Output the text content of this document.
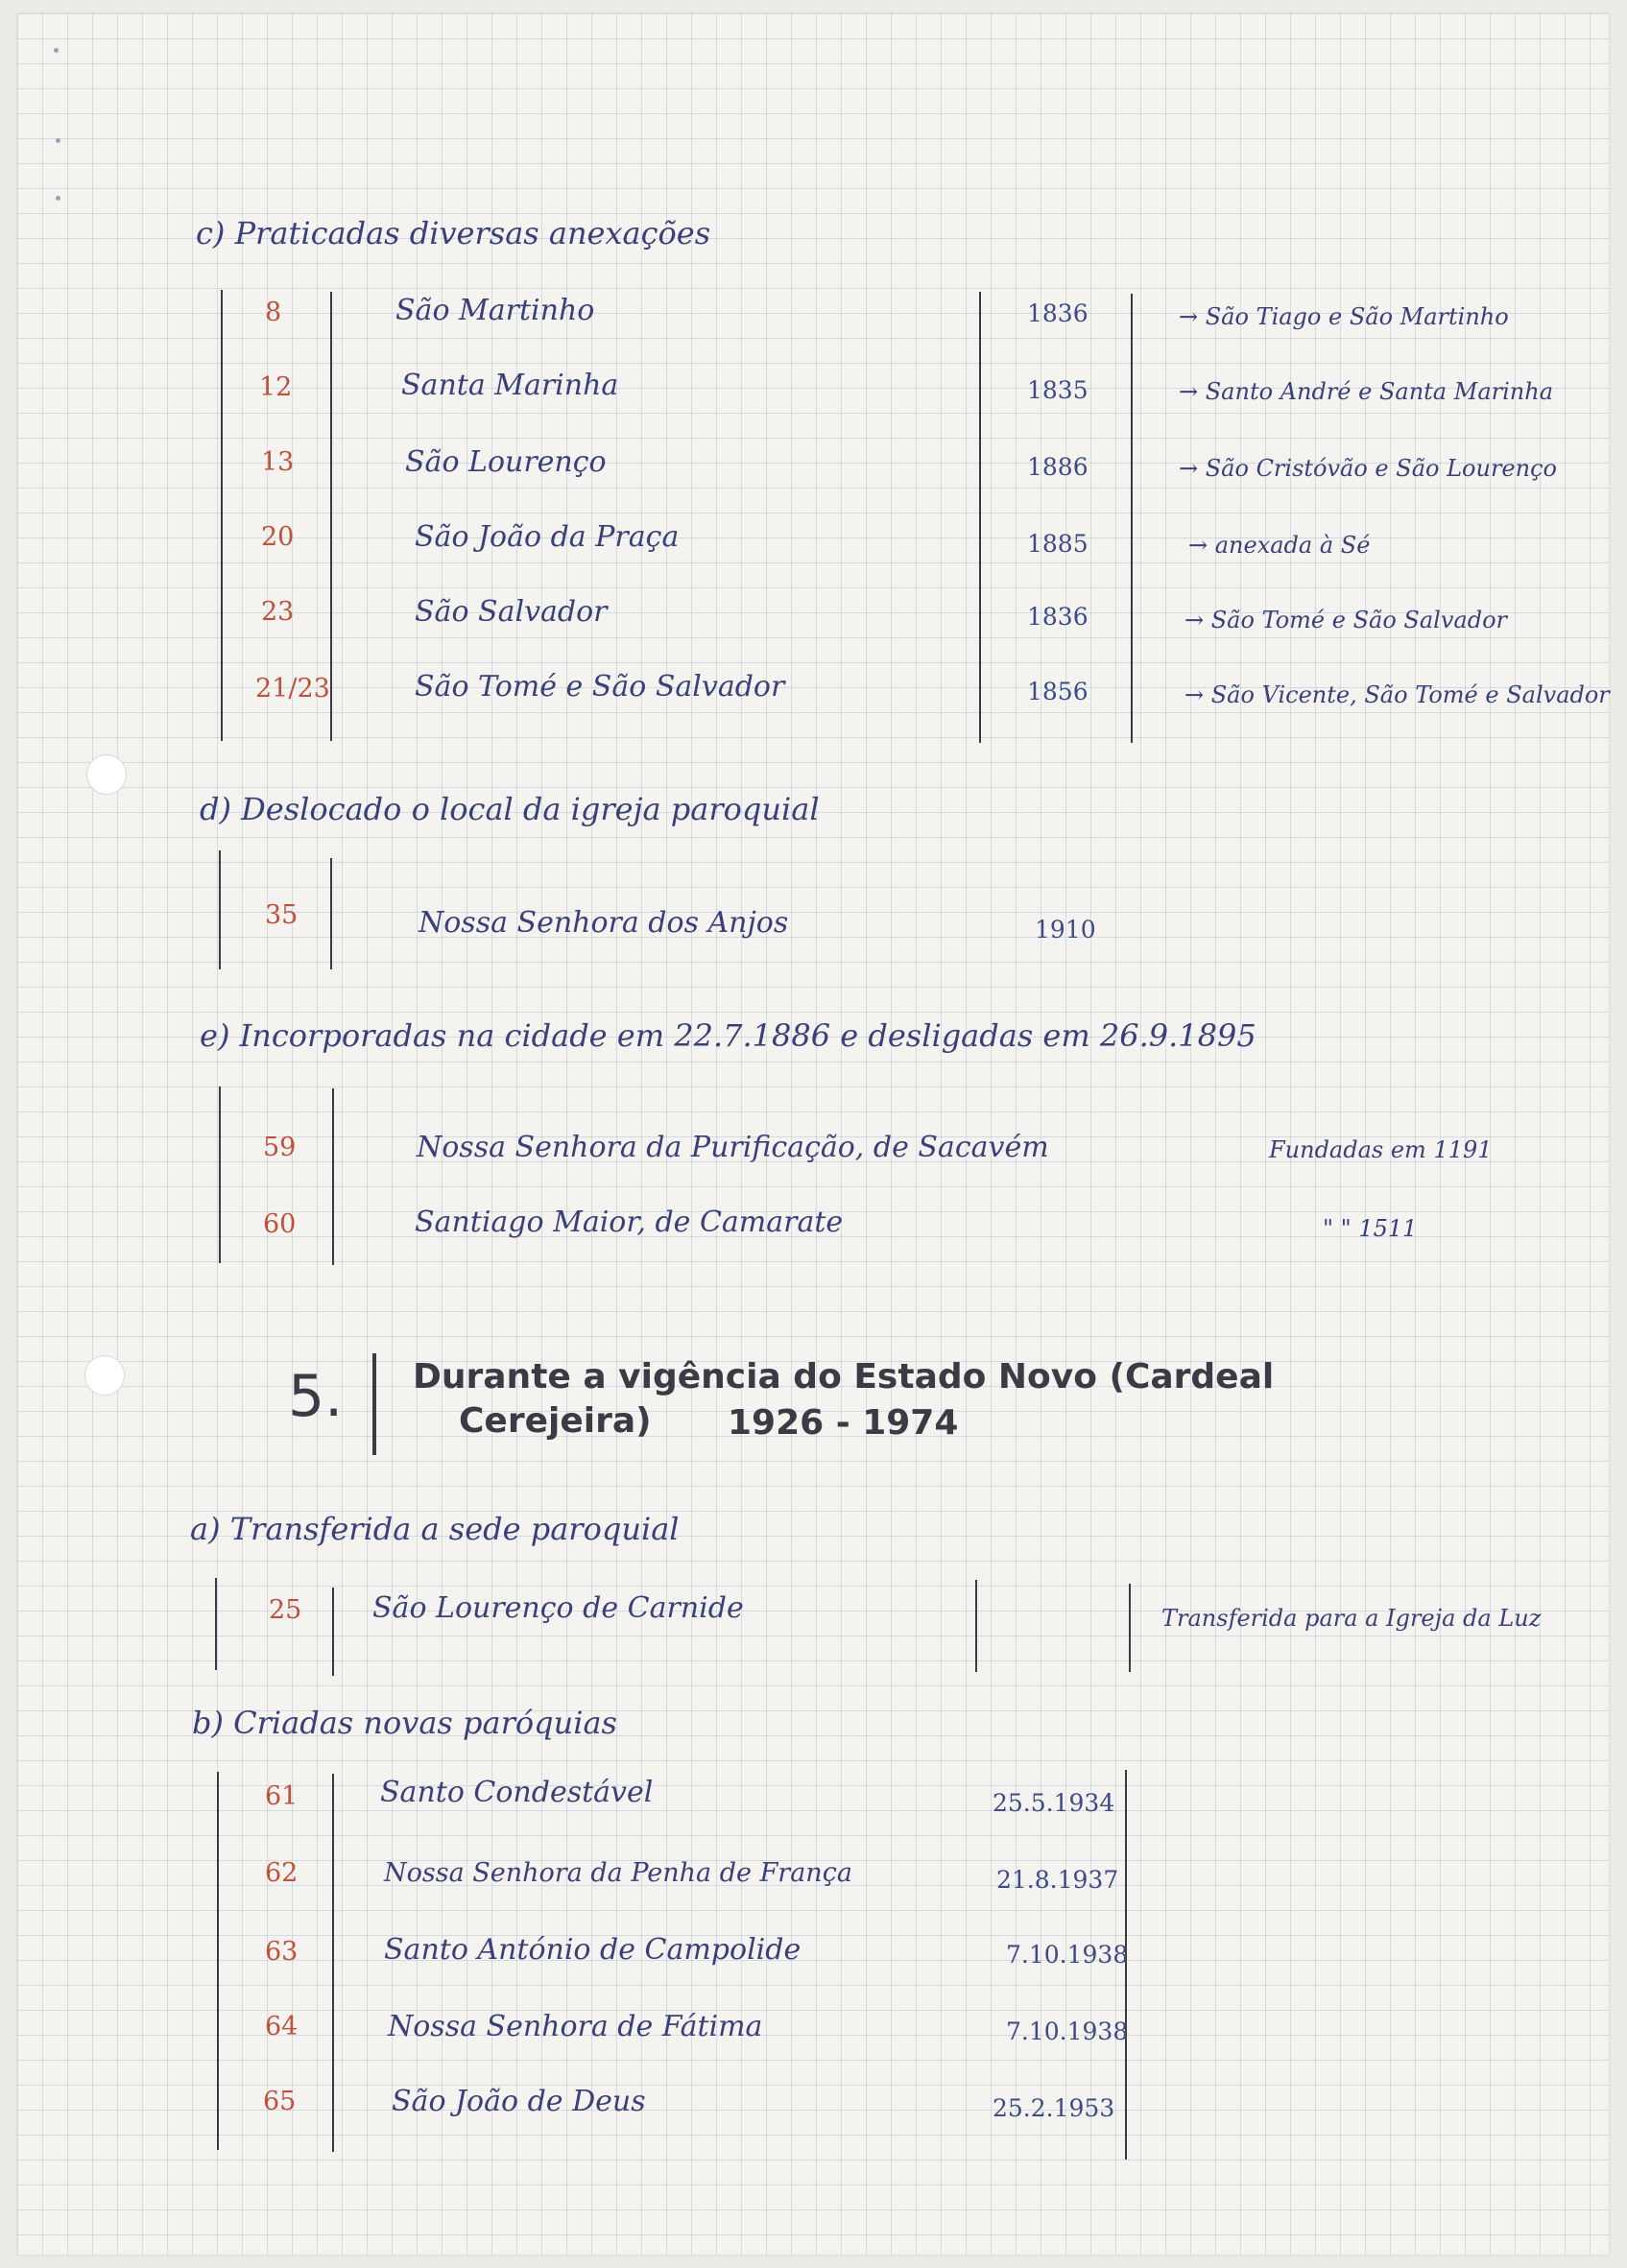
c) Praticadas diversas anexações
8	São Martinho	1836	→ São Tiago e São Martinho
12	Santa Marinha	1835	→ Santo André e Santa Marinha
13	São Lourenço	1886	→ São Cristóvão e São Lourenço
20	São João da Praça	1885	→ anexada à Sé
23	São Salvador	1836	→ São Tomé e São Salvador
21/23	São Tomé e São Salvador	1856	→ São Vicente, São Tomé e Salvador
d) Deslocado o local da igreja paroquial
35	Nossa Senhora dos Anjos	1910
e) Incorporadas na cidade em 22.7.1886 e desligadas em 26.9.1895
59	Nossa Senhora da Purificação, de Sacavém	Fundadas em 1191
60	Santiago Maior, de Camarate	" " 1511
5. Durante a vigência do Estado Novo (Cardeal
Cerejeira) 1926 - 1974
a) Transferida a sede paroquial
25 São Lourenço de Carnide	Transferida para a Igreja da Luz
b) Criadas novas paróquias
61	Santo Condestável	25.5.1934
62	Nossa Senhora da Penha de França	21.8.1937
63	Santo António de Campolide	7.10.1938
64	Nossa Senhora de Fátima	7.10.1938
65	São João de Deus	25.2.1953
